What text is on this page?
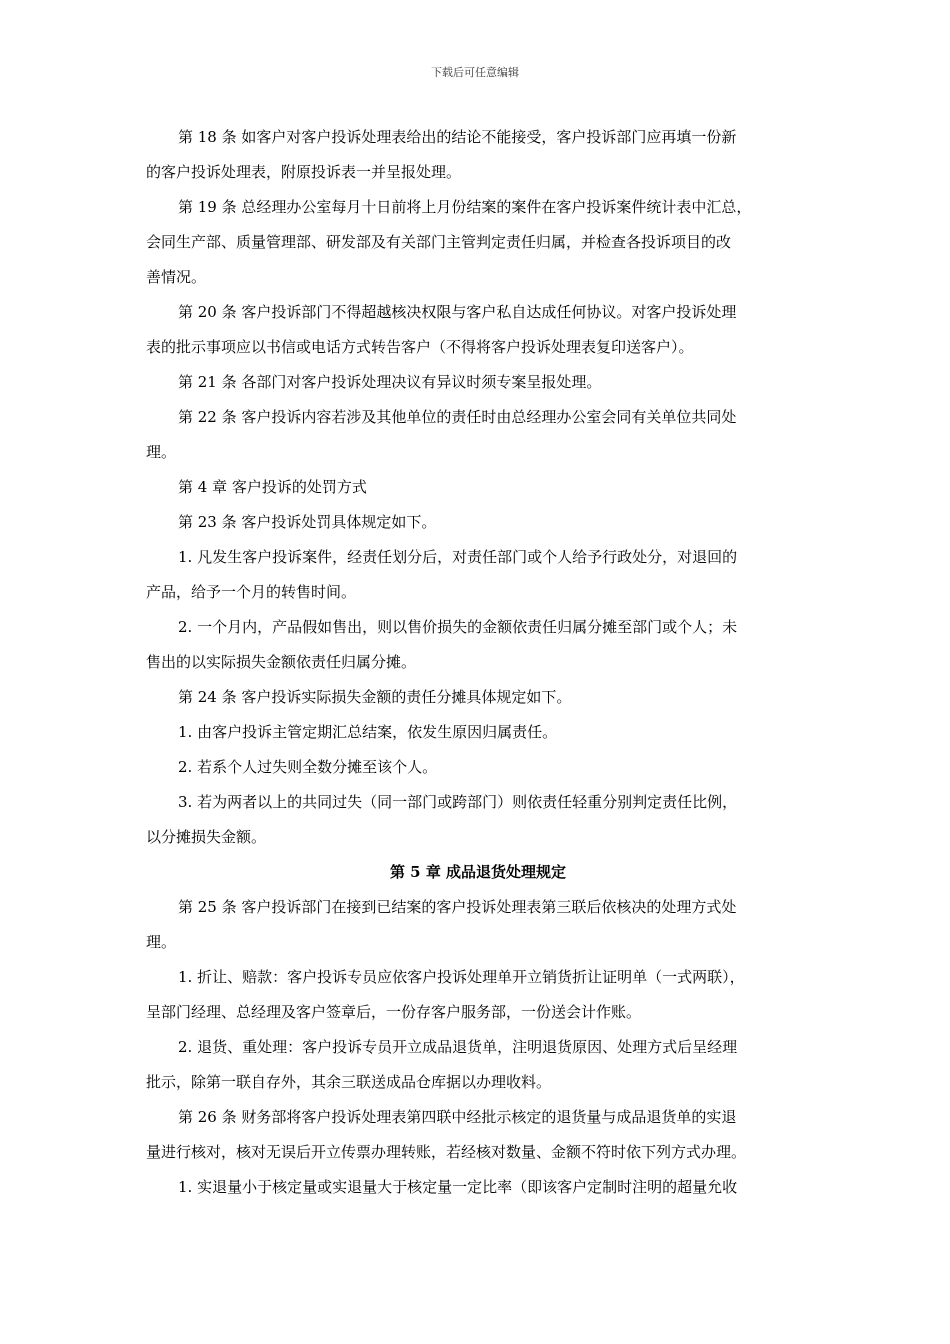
下载后可任意编辑
第 18 条 如客户对客户投诉处理表给出的结论不能接受，客户投诉部门应再填一份新
的客户投诉处理表，附原投诉表一并呈报处理。
第 19 条 总经理办公室每月十日前将上月份结案的案件在客户投诉案件统计表中汇总，
会同生产部、质量管理部、研发部及有关部门主管判定责任归属，并检查各投诉项目的改
善情况。
第 20 条 客户投诉部门不得超越核决权限与客户私自达成任何协议。对客户投诉处理
表的批示事项应以书信或电话方式转告客户（不得将客户投诉处理表复印送客户）。
第 21 条 各部门对客户投诉处理决议有异议时须专案呈报处理。
第 22 条 客户投诉内容若涉及其他单位的责任时由总经理办公室会同有关单位共同处
理。
第 4 章 客户投诉的处罚方式
第 23 条 客户投诉处罚具体规定如下。
1. 凡发生客户投诉案件，经责任划分后，对责任部门或个人给予行政处分，对退回的
产品，给予一个月的转售时间。
2. 一个月内，产品假如售出，则以售价损失的金额依责任归属分摊至部门或个人；未
售出的以实际损失金额依责任归属分摊。
第 24 条 客户投诉实际损失金额的责任分摊具体规定如下。
1. 由客户投诉主管定期汇总结案，依发生原因归属责任。
2. 若系个人过失则全数分摊至该个人。
3. 若为两者以上的共同过失（同一部门或跨部门）则依责任轻重分别判定责任比例，
以分摊损失金额。
第 5 章 成品退货处理规定
第 25 条 客户投诉部门在接到已结案的客户投诉处理表第三联后依核决的处理方式处
理。
1. 折让、赔款：客户投诉专员应依客户投诉处理单开立销货折让证明单（一式两联），
呈部门经理、总经理及客户签章后，一份存客户服务部，一份送会计作账。
2. 退货、重处理：客户投诉专员开立成品退货单，注明退货原因、处理方式后呈经理
批示，除第一联自存外，其余三联送成品仓库据以办理收料。
第 26 条 财务部将客户投诉处理表第四联中经批示核定的退货量与成品退货单的实退
量进行核对，核对无误后开立传票办理转账，若经核对数量、金额不符时依下列方式办理。
1. 实退量小于核定量或实退量大于核定量一定比率（即该客户定制时注明的超量允收
